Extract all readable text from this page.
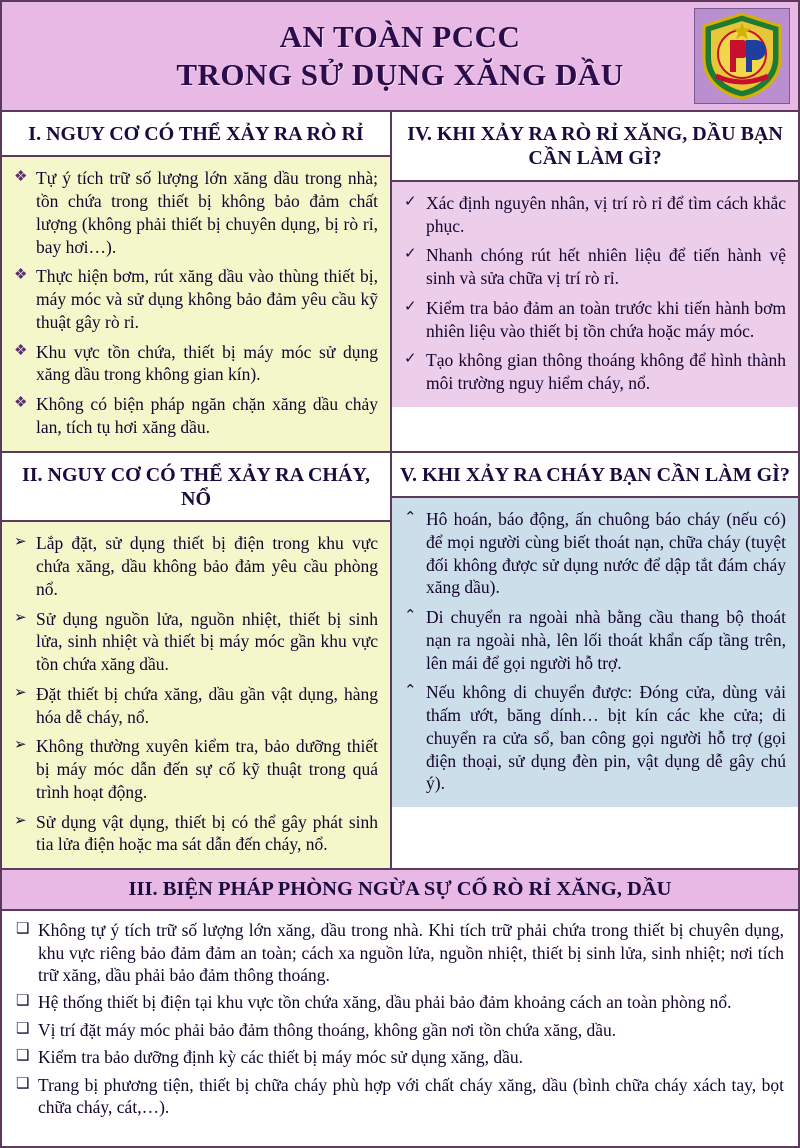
AN TOÀN PCCC
TRONG SỬ DỤNG XĂNG DẦU
I. NGUY CƠ CÓ THỂ XẢY RA RÒ RỈ
❖ Tự ý tích trữ số lượng lớn xăng dầu trong nhà; tồn chứa trong thiết bị không bảo đảm chất lượng (không phải thiết bị chuyên dụng, bị rò rỉ, bay hơi…).
❖ Thực hiện bơm, rút xăng dầu vào thùng thiết bị, máy móc và sử dụng không bảo đảm yêu cầu kỹ thuật gây rò rỉ.
❖ Khu vực tồn chứa, thiết bị máy móc sử dụng xăng dầu trong không gian kín).
❖ Không có biện pháp ngăn chặn xăng dầu chảy lan, tích tụ hơi xăng dầu.
IV. KHI XẢY RA RÒ RỈ XĂNG, DẦU BẠN CẦN LÀM GÌ?
✓ Xác định nguyên nhân, vị trí rò rỉ để tìm cách khắc phục.
✓ Nhanh chóng rút hết nhiên liệu để tiến hành vệ sinh và sửa chữa vị trí rò rỉ.
✓ Kiểm tra bảo đảm an toàn trước khi tiến hành bơm nhiên liệu vào thiết bị tồn chứa hoặc máy móc.
✓ Tạo không gian thông thoáng không để hình thành môi trường nguy hiểm cháy, nổ.
II. NGUY CƠ CÓ THỂ XẢY RA CHÁY, NỔ
➢ Lắp đặt, sử dụng thiết bị điện trong khu vực chứa xăng, dầu không bảo đảm yêu cầu phòng nổ.
➢ Sử dụng nguồn lửa, nguồn nhiệt, thiết bị sinh lửa, sinh nhiệt và thiết bị máy móc gần khu vực tồn chứa xăng dầu.
➢ Đặt thiết bị chứa xăng, dầu gần vật dụng, hàng hóa dễ cháy, nổ.
➢ Không thường xuyên kiểm tra, bảo dưỡng thiết bị máy móc dẫn đến sự cố kỹ thuật trong quá trình hoạt động.
➢ Sử dụng vật dụng, thiết bị có thể gây phát sinh tia lửa điện hoặc ma sát dẫn đến cháy, nổ.
V. KHI XẢY RA CHÁY BẠN CẦN LÀM GÌ?
⌃ Hô hoán, báo động, ấn chuông báo cháy (nếu có) để mọi người cùng biết thoát nạn, chữa cháy (tuyệt đối không được sử dụng nước để dập tắt đám cháy xăng dầu).
⌃ Di chuyển ra ngoài nhà bằng cầu thang bộ thoát nạn ra ngoài nhà, lên lối thoát khẩn cấp tầng trên, lên mái để gọi người hỗ trợ.
⌃ Nếu không di chuyển được: Đóng cửa, dùng vải thấm ướt, băng dính… bịt kín các khe cửa; di chuyển ra cửa sổ, ban công gọi người hỗ trợ (gọi điện thoại, sử dụng đèn pin, vật dụng dễ gây chú ý).
III. BIỆN PHÁP PHÒNG NGỪA SỰ CỐ RÒ RỈ XĂNG, DẦU
❑ Không tự ý tích trữ số lượng lớn xăng, dầu trong nhà. Khi tích trữ phải chứa trong thiết bị chuyên dụng, khu vực riêng bảo đảm đảm an toàn; cách xa nguồn lửa, nguồn nhiệt, thiết bị sinh lửa, sinh nhiệt; nơi tích trữ xăng, dầu phải bảo đảm thông thoáng.
❑ Hệ thống thiết bị điện tại khu vực tồn chứa xăng, dầu phải bảo đảm khoảng cách an toàn phòng nổ.
❑ Vị trí đặt máy móc phải bảo đảm thông thoáng, không gần nơi tồn chứa xăng, dầu.
❑ Kiểm tra bảo dưỡng định kỳ các thiết bị máy móc sử dụng xăng, dầu.
❑ Trang bị phương tiện, thiết bị chữa cháy phù hợp với chất cháy xăng, dầu (bình chữa cháy xách tay, bọt chữa cháy, cát,…).
